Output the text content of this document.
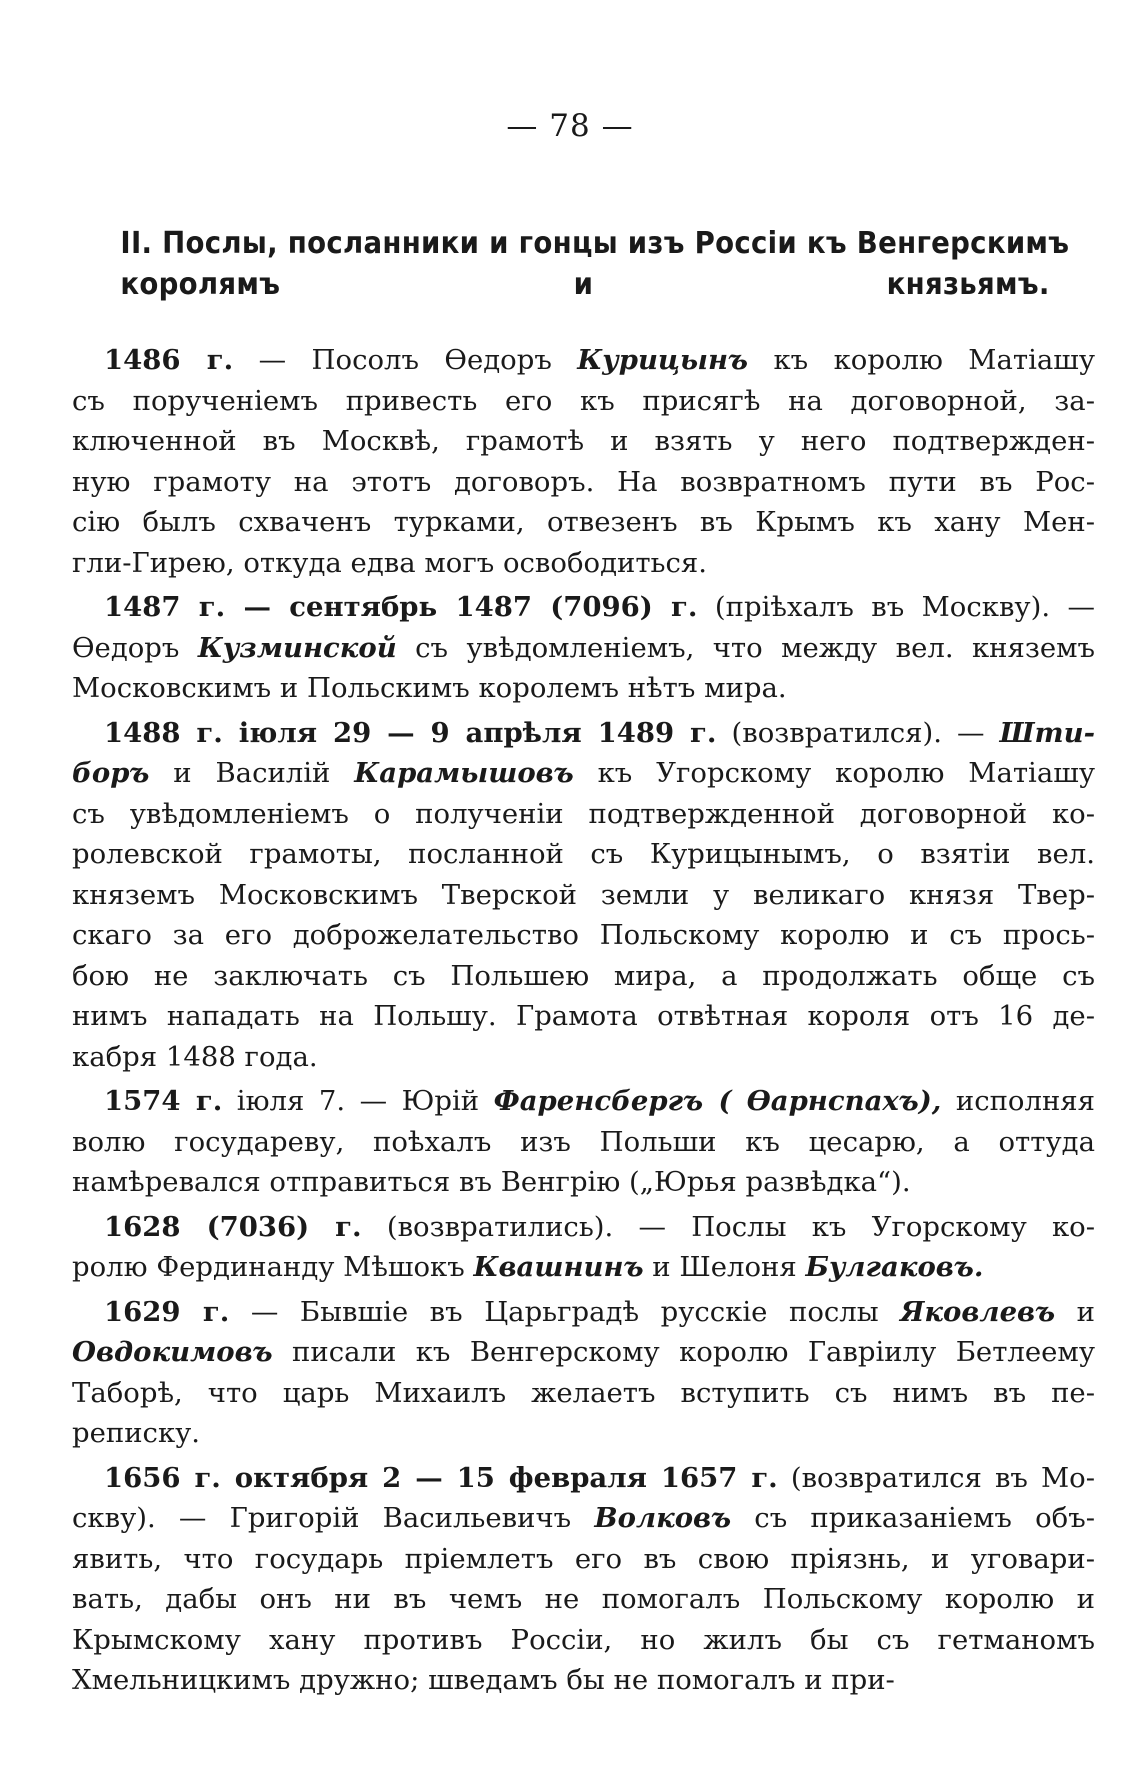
— 78 —
II. Послы, посланники и гонцы изъ Россіи къ Венгерскимъ
королямъ и князьямъ.
1486 г. — Посолъ Ѳедоръ Курицынъ къ королю Матіашу
съ порученіемъ привесть его къ присягѣ на договорной, за-
ключенной въ Москвѣ, грамотѣ и взять у него подтвержден-
ную грамоту на этотъ договоръ. На возвратномъ пути въ Рос-
сію былъ схваченъ турками, отвезенъ въ Крымъ къ хану Мен-
гли-Гирею, откуда едва могъ освободиться.
1487 г. — сентябрь 1487 (7096) г. (пріѣхалъ въ Москву). —
Ѳедоръ Кузминской съ увѣдомленіемъ, что между вел. княземъ
Московскимъ и Польскимъ королемъ нѣтъ мира.
1488 г. іюля 29 — 9 апрѣля 1489 г. (возвратился). — Шти-
боръ и Василій Карамышовъ къ Угорскому королю Матіашу
съ увѣдомленіемъ о полученіи подтвержденной договорной ко-
ролевской грамоты, посланной съ Курицынымъ, о взятіи вел.
княземъ Московскимъ Тверской земли у великаго князя Твер-
скаго за его доброжелательство Польскому королю и съ прось-
бою не заключать съ Польшею мира, а продолжать обще съ
нимъ нападать на Польшу. Грамота отвѣтная короля отъ 16 де-
кабря 1488 года.
1574 г. іюля 7. — Юрій Фаренсбергъ ( Ѳарнспахъ), исполняя
волю государеву, поѣхалъ изъ Польши къ цесарю, а оттуда
намѣревался отправиться въ Венгрію („Юрья развѣдка“).
1628 (7036) г. (возвратились). — Послы къ Угорскому ко-
ролю Фердинанду Мѣшокъ Квашнинъ и Шелоня Булгаковъ.
1629 г. — Бывшіе въ Царьградѣ русскіе послы Яковлевъ и
Овдокимовъ писали къ Венгерскому королю Гавріилу Бетлеему
Таборѣ, что царь Михаилъ желаетъ вступить съ нимъ въ пе-
реписку.
1656 г. октября 2 — 15 февраля 1657 г. (возвратился въ Мо-
скву). — Григорій Васильевичъ Волковъ съ приказаніемъ объ-
явить, что государь пріемлетъ его въ свою пріязнь, и уговари-
вать, дабы онъ ни въ чемъ не помогалъ Польскому королю и
Крымскому хану противъ Россіи, но жилъ бы съ гетманомъ
Хмельницкимъ дружно; шведамъ бы не помогалъ и при-
